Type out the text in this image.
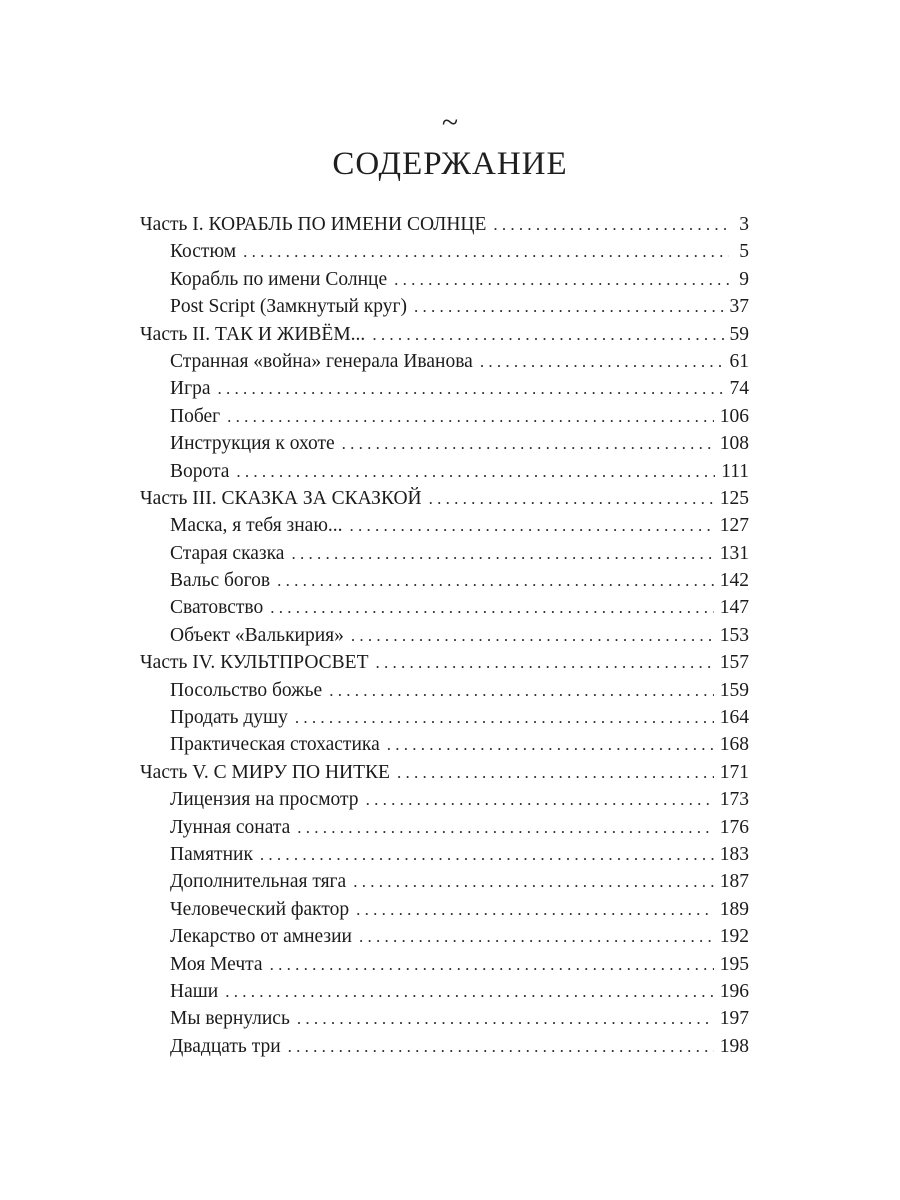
~
СОДЕРЖАНИЕ
Часть I. КОРАБЛЬ ПО ИМЕНИ СОЛНЦЕ . . .	3
Костюм . . .	5
Корабль по имени Солнце . . .	9
Post Script (Замкнутый круг) . . .	37
Часть II. ТАК И ЖИВЁМ... . . .	59
Странная «война» генерала Иванова . . .	61
Игра . . .	74
Побег . . .	106
Инструкция к охоте . . .	108
Ворота . . .	111
Часть III. СКАЗКА ЗА СКАЗКОЙ . . .	125
Маска, я тебя знаю... . . .	127
Старая сказка . . .	131
Вальс богов . . .	142
Сватовство . . .	147
Объект «Валькирия» . . .	153
Часть IV. КУЛЬТПРОСВЕТ . . .	157
Посольство божье . . .	159
Продать душу . . .	164
Практическая стохастика . . .	168
Часть V. С МИРУ ПО НИТКЕ . . .	171
Лицензия на просмотр . . .	173
Лунная соната . . .	176
Памятник . . .	183
Дополнительная тяга . . .	187
Человеческий фактор . . .	189
Лекарство от амнезии . . .	192
Моя Мечта . . .	195
Наши . . .	196
Мы вернулись . . .	197
Двадцать три . . .	198
